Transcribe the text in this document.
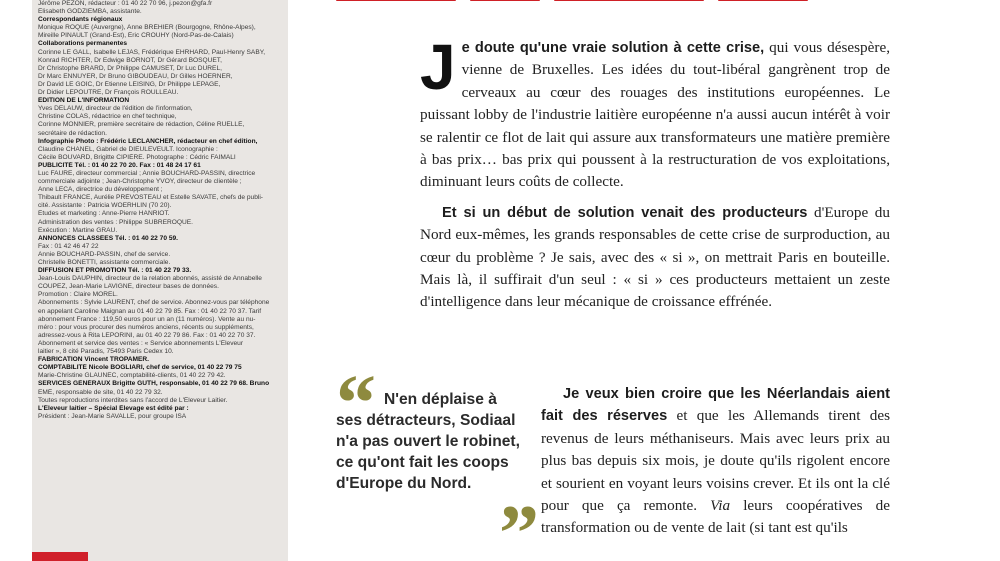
Jérôme PEZON, rédacteur : 01 40 22 70 96, j.pezon@gfa.fr
Élisabeth GODZIEMBA, assistante.
Correspondants régionaux
Monique ROQUE (Auvergne), Anne BRÉHIER (Bourgogne, Rhône-Alpes),
Mireille PINAULT (Grand-Est), Éric CROUHY (Nord-Pas-de-Calais)
Collaborations permanentes
Corinne LE GALL, Isabelle LEJAS, Frédérique EHRHARD, Paul-Henry SABY,
Konrad RICHTER, Dr Edwige BORNOT, Dr Gérard BOSQUET,
Dr Christophe BRARD, Dr Philippe CAMUSET, Dr Luc DUREL,
Dr Marc ENNUYER, Dr Bruno GIBOUDEAU, Dr Gilles HOERNER,
Dr David LE GOÏC, Dr Étienne LEISING, Dr Philippe LEPAGE,
Dr Didier LEPOUTRE, Dr François ROULLEAU.
ÉDITION DE L'INFORMATION
Yves DELAUW, directeur de l'édition de l'information,
Christine COLAS, rédactrice en chef technique,
Corinne MONNIER, première secrétaire de rédaction, Céline RUELLÉ,
secrétaire de rédaction.
Infographie Photo : Frédéric LECLANCHER, rédacteur en chef édition,
Claudine CHANEL, Gabriel de DIEULEVEULT. Iconographie :
Cécile BOUVARD, Brigitte CIPIÈRE. Photographe : Cédric FAIMALI
PUBLICITÉ Tél. : 01 40 22 70 20. Fax : 01 48 24 17 61
Luc FAURE, directeur commercial ; Annie BOUCHARD-PASSIN, directrice
commerciale adjointe ; Jean-Christophe YVOY, directeur de clientèle ;
Anne LECA, directrice du développement ;
Thibault FRANCE, Aurélie PRÉVOSTEAU et Estelle SAVATE, chefs de publi-
cité. Assistante : Patricia WOERHLIN (70 20).
Études et marketing : Anne-Pierre HANRIOT.
Administration des ventes : Philippe SUBREROQUE.
Exécution : Martine GRAU.
ANNONCES CLASSÉES Tél. : 01 40 22 70 59.
Fax : 01 42 46 47 22
Annie BOUCHARD-PASSIN, chef de service.
Christelle BONETTI, assistante commerciale.
DIFFUSION ET PROMOTION Tél. : 01 40 22 79 33.
Jean-Louis DAUPHIN, directeur de la relation abonnés, assisté de Annabelle
COUPEZ, Jean-Marie LAVIGNE, directeur bases de données.
Promotion : Claire MOREL.
Abonnements : Sylvie LAURENT, chef de service. Abonnez-vous par téléphone
en appelant Caroline Maignan au 01 40 22 79 85. Fax : 01 40 22 70 37. Tarif
abonnement France : 119,50 euros pour un an (11 numéros). Vente au nu-
méro : pour vous procurer des numéros anciens, récents ou suppléments,
adressez-vous à Rita LEPORINI, au 01 40 22 79 86. Fax : 01 40 22 70 37.
Abonnement et service des ventes : « Service abonnements L'Éleveur
laitier », 8 cité Paradis, 75493 Paris Cedex 10.
FABRICATION Vincent TROPAMER.
COMPTABILITÉ Nicole BOGLIARI, chef de service, 01 40 22 79 75
Marie-Christine GLAUNEC, comptabilité-clients, 01 40 22 79 42.
SERVICES GÉNÉRAUX Brigitte GUTH, responsable, 01 40 22 79 68. Bruno
EMÉ, responsable de site, 01 40 22 79 32.
Toutes reproductions interdites sans l'accord de L'Éleveur Laitier.
L'Éleveur laitier – Spécial Élevage est édité par :
Président : Jean-Marie SAVALLE, pour groupe ISA

J e doute qu'une vraie solution à cette crise, qui vous désespère, vienne de Bruxelles. Les idées du tout-libéral gangrènent trop de cerveaux au cœur des rouages des institutions européennes. Le puissant lobby de l'industrie laitière européenne n'a aussi aucun intérêt à voir se ralentir ce flot de lait qui assure aux transformateurs une matière première à bas prix… bas prix qui poussent à la restructuration de vos exploitations, diminuant leurs coûts de collecte.

Et si un début de solution venait des producteurs d'Europe du Nord eux-mêmes, les grands responsables de cette crise de surproduction, au cœur du problème ? Je sais, avec des « si », on mettrait Paris en bouteille. Mais là, il suffirait d'un seul : « si » ces producteurs mettaient un zeste d'intelligence dans leur mécanique de croissance effrénée.

Je veux bien croire que les Néerlandais aient fait des réserves et que les Allemands tirent des revenus de leurs méthaniseurs. Mais avec leurs prix au plus bas depuis six mois, je doute qu'ils rigolent encore et sourient en voyant leurs voisins crever. Et ils ont la clé pour que ça remonte. Via leurs coopératives de transformation ou de vente de lait (si tant est qu'ils

“ N'en déplaise à ses détracteurs, Sodiaal n'a pas ouvert le robinet, ce qu'ont fait les coops d'Europe du Nord.
”
